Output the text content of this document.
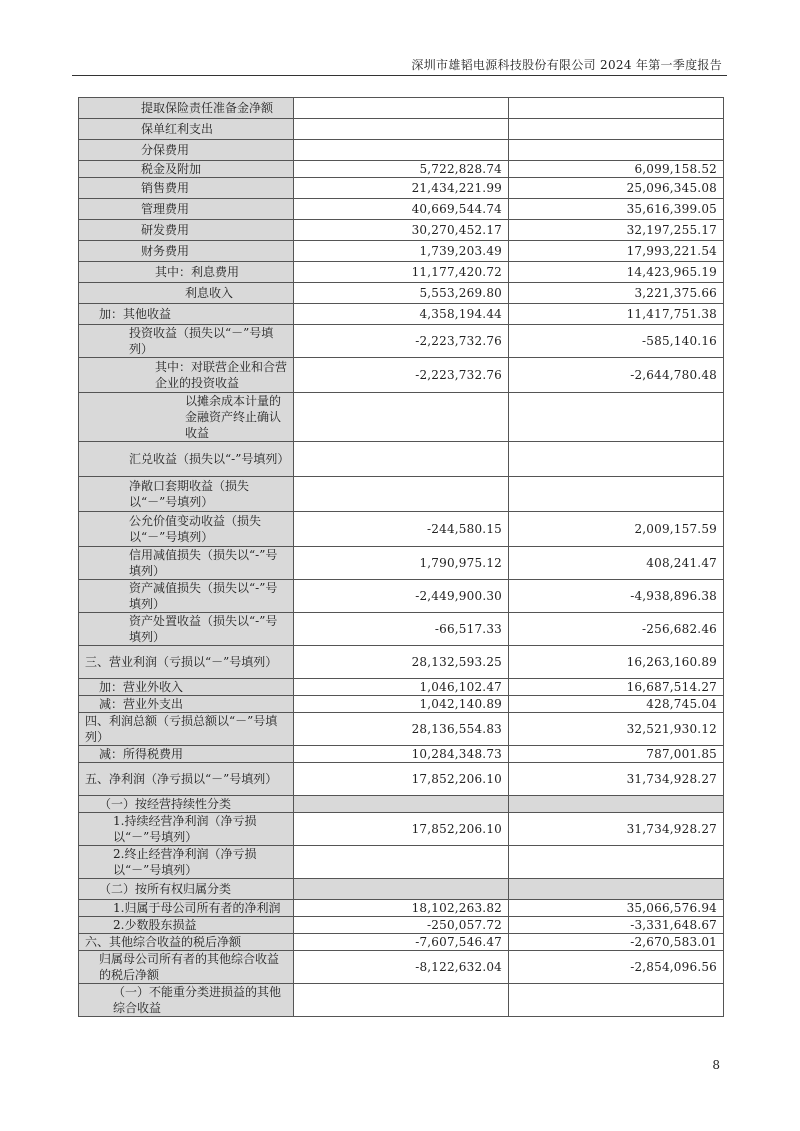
深圳市雄韬电源科技股份有限公司 2024 年第一季度报告
提取保险责任准备金净额		
保单红利支出		
分保费用		
税金及附加	5,722,828.74	6,099,158.52
销售费用	21,434,221.99	25,096,345.08
管理费用	40,669,544.74	35,616,399.05
研发费用	30,270,452.17	32,197,255.17
财务费用	1,739,203.49	17,993,221.54
其中：利息费用	11,177,420.72	14,423,965.19
利息收入	5,553,269.80	3,221,375.66
加：其他收益	4,358,194.44	11,417,751.38
投资收益（损失以“－”号填列）	-2,223,732.76	-585,140.16
其中：对联营企业和合营企业的投资收益	-2,223,732.76	-2,644,780.48
以摊余成本计量的金融资产终止确认收益		
汇兑收益（损失以“-”号填列）		
净敞口套期收益（损失以“－”号填列）		
公允价值变动收益（损失以“－”号填列）	-244,580.15	2,009,157.59
信用减值损失（损失以“-”号填列）	1,790,975.12	408,241.47
资产减值损失（损失以“-”号填列）	-2,449,900.30	-4,938,896.38
资产处置收益（损失以“-”号填列）	-66,517.33	-256,682.46
三、营业利润（亏损以“－”号填列）	28,132,593.25	16,263,160.89
加：营业外收入	1,046,102.47	16,687,514.27
减：营业外支出	1,042,140.89	428,745.04
四、利润总额（亏损总额以“－”号填列）	28,136,554.83	32,521,930.12
减：所得税费用	10,284,348.73	787,001.85
五、净利润（净亏损以“－”号填列）	17,852,206.10	31,734,928.27
（一）按经营持续性分类		
1.持续经营净利润（净亏损以“－”号填列）	17,852,206.10	31,734,928.27
2.终止经营净利润（净亏损以“－”号填列）		
（二）按所有权归属分类		
1.归属于母公司所有者的净利润	18,102,263.82	35,066,576.94
2.少数股东损益	-250,057.72	-3,331,648.67
六、其他综合收益的税后净额	-7,607,546.47	-2,670,583.01
归属母公司所有者的其他综合收益的税后净额	-8,122,632.04	-2,854,096.56
（一）不能重分类进损益的其他综合收益		
8
